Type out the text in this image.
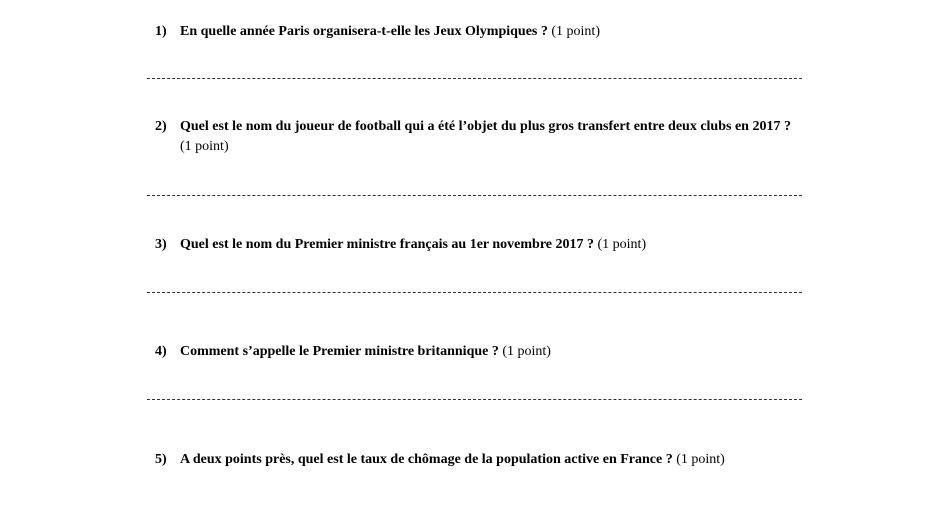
1) En quelle année Paris organisera-t-elle les Jeux Olympiques ? (1 point)
2) Quel est le nom du joueur de football qui a été l’objet du plus gros transfert entre deux clubs en 2017 ? (1 point)
3) Quel est le nom du Premier ministre français au 1er novembre 2017 ? (1 point)
4) Comment s’appelle le Premier ministre britannique ? (1 point)
5) A deux points près, quel est le taux de chômage de la population active en France ? (1 point)
